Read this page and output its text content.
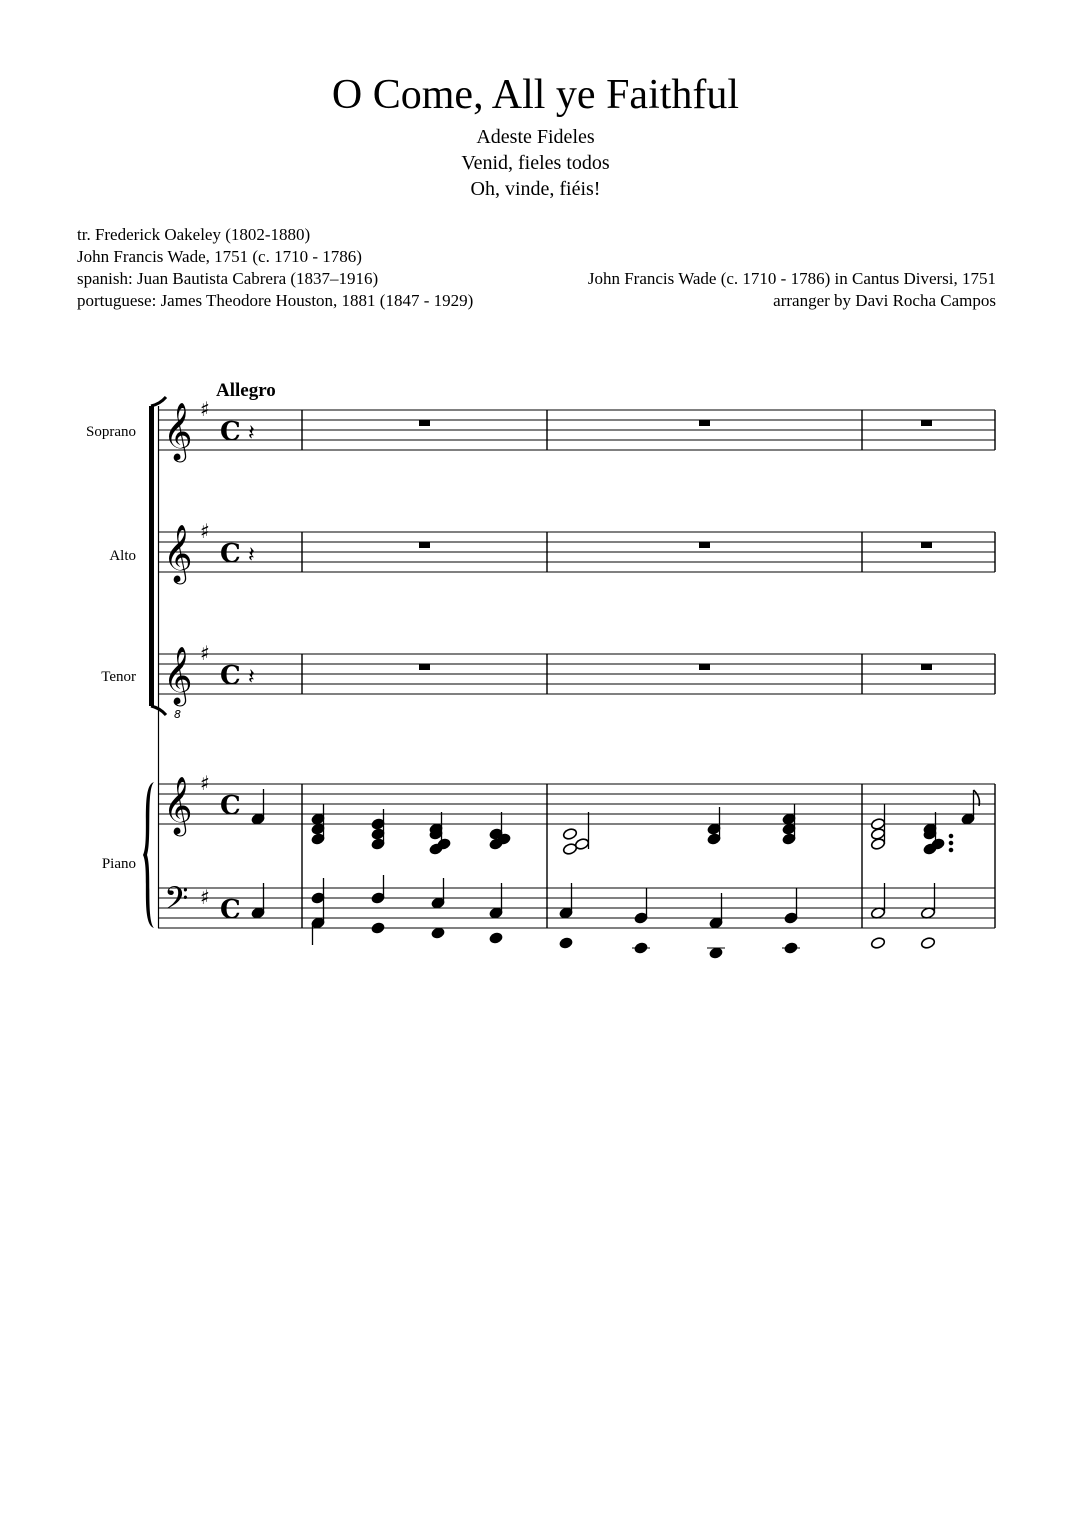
O Come, All ye Faithful
Adeste Fideles
Venid, fieles todos
Oh, vinde, fiéis!
tr. Frederick Oakeley (1802-1880)
John Francis Wade, 1751 (c. 1710 - 1786)
spanish: Juan Bautista Cabrera (1837–1916)
portuguese: James Theodore Houston, 1881 (1847 - 1929)
John Francis Wade (c. 1710 - 1786) in Cantus Diversi, 1751
arranger by Davi Rocha Campos
Allegro
Soprano
Alto
Tenor
Piano
𝄞
𝄞
𝄞
8
𝄞
𝄢
♯
♯
♯
♯
♯
C
C
C
C
C
𝄽
𝄽
𝄽
